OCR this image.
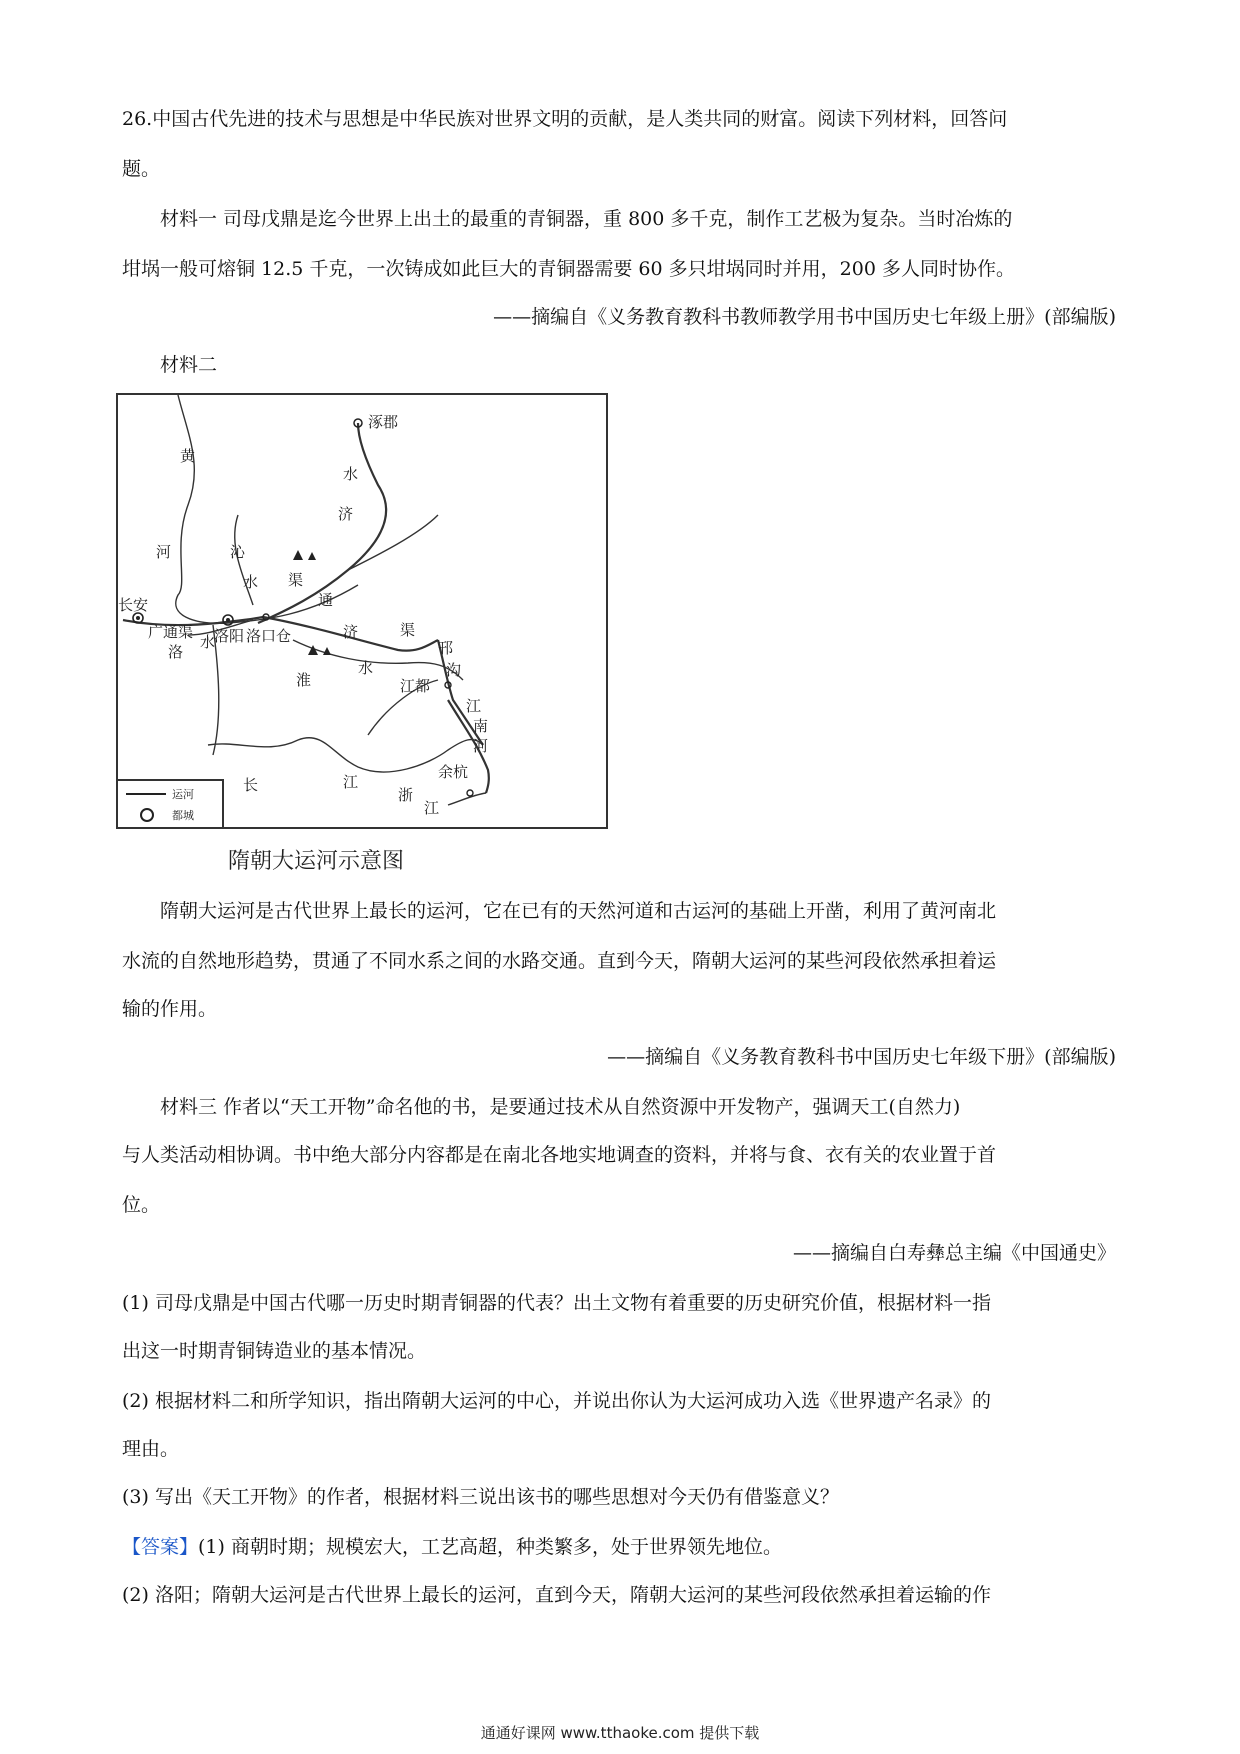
26.中国古代先进的技术与思想是中华民族对世界文明的贡献，是人类共同的财富。阅读下列材料，回答问
题。
材料一 司母戊鼎是迄今世界上出土的最重的青铜器，重 800 多千克，制作工艺极为复杂。当时冶炼的
坩埚一般可熔铜 12.5 千克，一次铸成如此巨大的青铜器需要 60 多只坩埚同时并用，200 多人同时协作。
——摘编自《义务教育教科书教师教学用书中国历史七年级上册》(部编版)
材料二
涿郡
黄
水
济
河	沁
渠
水
通
长安
广通渠 洛阳 洛口仓
洛
水
济	渠
邗
沟
淮
水
江都
江
南
河
余杭
长	江
浙
江
运河
都城
隋朝大运河示意图
隋朝大运河是古代世界上最长的运河，它在已有的天然河道和古运河的基础上开凿，利用了黄河南北
水流的自然地形趋势，贯通了不同水系之间的水路交通。直到今天，隋朝大运河的某些河段依然承担着运
输的作用。
——摘编自《义务教育教科书中国历史七年级下册》(部编版)
材料三 作者以“天工开物”命名他的书，是要通过技术从自然资源中开发物产，强调天工(自然力)
与人类活动相协调。书中绝大部分内容都是在南北各地实地调查的资料，并将与食、衣有关的农业置于首
位。
——摘编自白寿彝总主编《中国通史》
(1) 司母戊鼎是中国古代哪一历史时期青铜器的代表？出土文物有着重要的历史研究价值，根据材料一指
出这一时期青铜铸造业的基本情况。
(2) 根据材料二和所学知识，指出隋朝大运河的中心，并说出你认为大运河成功入选《世界遗产名录》的
理由。
(3) 写出《天工开物》的作者，根据材料三说出该书的哪些思想对今天仍有借鉴意义？
【答案】(1) 商朝时期；规模宏大，工艺高超，种类繁多，处于世界领先地位。
(2) 洛阳；隋朝大运河是古代世界上最长的运河，直到今天，隋朝大运河的某些河段依然承担着运输的作
通通好课网 www.tthaoke.com 提供下载
